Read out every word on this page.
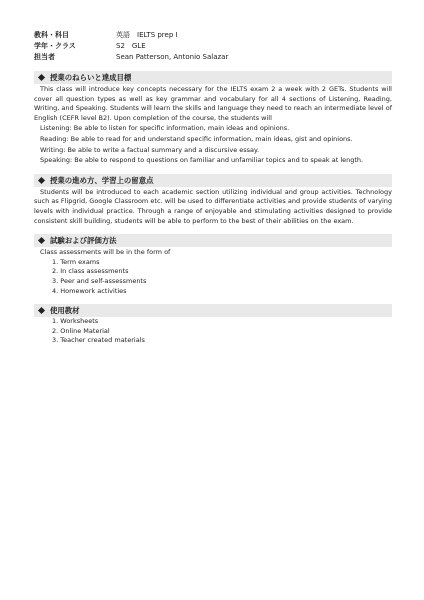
教科・科目	英語　IELTS prep I
学年・クラス	S2　GLE
担当者	Sean Patterson, Antonio Salazar
授業のねらいと達成目標

This class will introduce key concepts necessary for the IELTS exam 2 a week with 2 GETs. Students will cover all question types as well as key grammar and vocabulary for all 4 sections of Listening, Reading, Writing, and Speaking. Students will learn the skills and language they need to reach an intermediate level of English (CEFR level B2). Upon completion of the course, the students will

Listening: Be able to listen for specific information, main ideas and opinions.

Reading: Be able to read for and understand specific information, main ideas, gist and opinions.

Writing: Be able to write a factual summary and a discursive essay.

Speaking: Be able to respond to questions on familiar and unfamiliar topics and to speak at length.

授業の進め方、学習上の留意点

Students will be introduced to each academic section utilizing individual and group activities. Technology such as Flipgrid, Google Classroom etc. will be used to differentiate activities and provide students of varying levels with individual practice. Through a range of enjoyable and stimulating activities designed to provide consistent skill building, students will be able to perform to the best of their abilities on the exam.

試験および評価方法

Class assessments will be in the form of

1. Term exams
2. In class assessments
3. Peer and self-assessments
4. Homework activities
使用教材
1. Worksheets
2. Online Material
3. Teacher created materials
